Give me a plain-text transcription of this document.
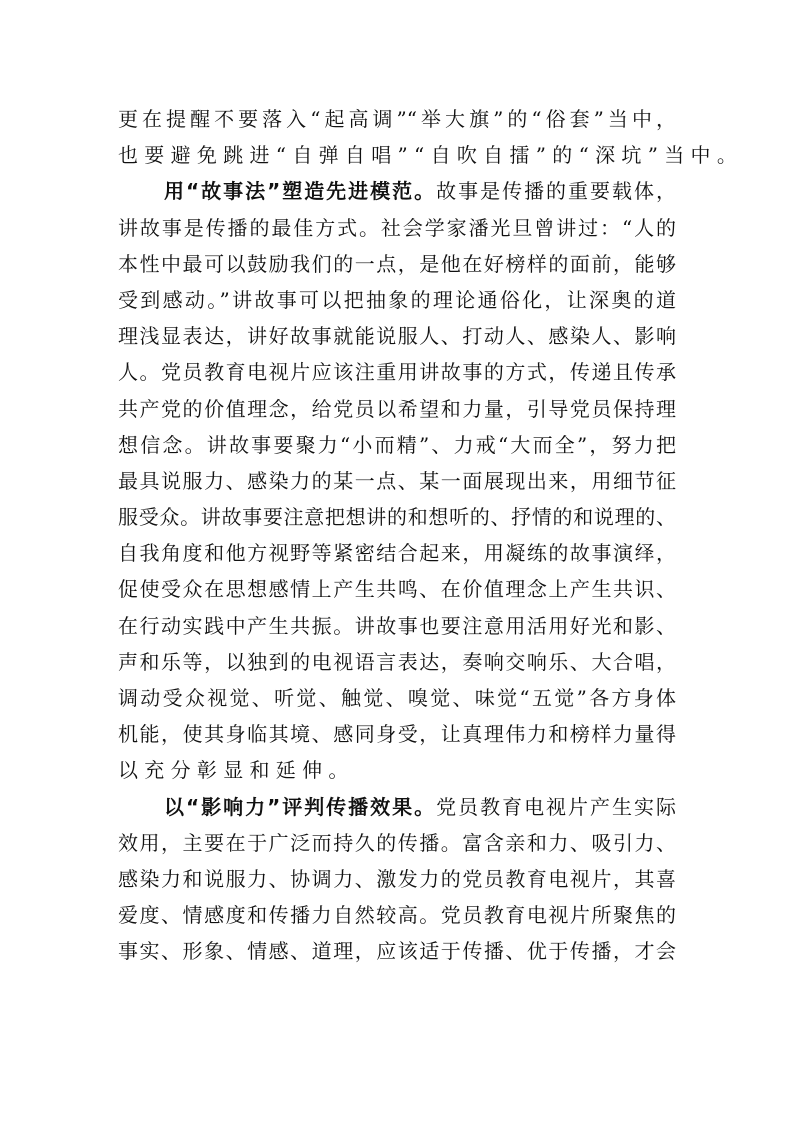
更在提醒不要落入“起高调”“举大旗”的“俗套”当中，
也要避免跳进“自弹自唱”“自吹自擂”的“深坑”当中。
用“故事法”塑造先进模范。故事是传播的重要载体，
讲故事是传播的最佳方式。社会学家潘光旦曾讲过：“人的
本性中最可以鼓励我们的一点，是他在好榜样的面前，能够
受到感动。”讲故事可以把抽象的理论通俗化，让深奥的道
理浅显表达，讲好故事就能说服人、打动人、感染人、影响
人。党员教育电视片应该注重用讲故事的方式，传递且传承
共产党的价值理念，给党员以希望和力量，引导党员保持理
想信念。讲故事要聚力“小而精”、力戒“大而全”，努力把
最具说服力、感染力的某一点、某一面展现出来，用细节征
服受众。讲故事要注意把想讲的和想听的、抒情的和说理的、
自我角度和他方视野等紧密结合起来，用凝练的故事演绎，
促使受众在思想感情上产生共鸣、在价值理念上产生共识、
在行动实践中产生共振。讲故事也要注意用活用好光和影、
声和乐等，以独到的电视语言表达，奏响交响乐、大合唱，
调动受众视觉、听觉、触觉、嗅觉、味觉“五觉”各方身体
机能，使其身临其境、感同身受，让真理伟力和榜样力量得
以充分彰显和延伸。
以“影响力”评判传播效果。党员教育电视片产生实际
效用，主要在于广泛而持久的传播。富含亲和力、吸引力、
感染力和说服力、协调力、激发力的党员教育电视片，其喜
爱度、情感度和传播力自然较高。党员教育电视片所聚焦的
事实、形象、情感、道理，应该适于传播、优于传播，才会
